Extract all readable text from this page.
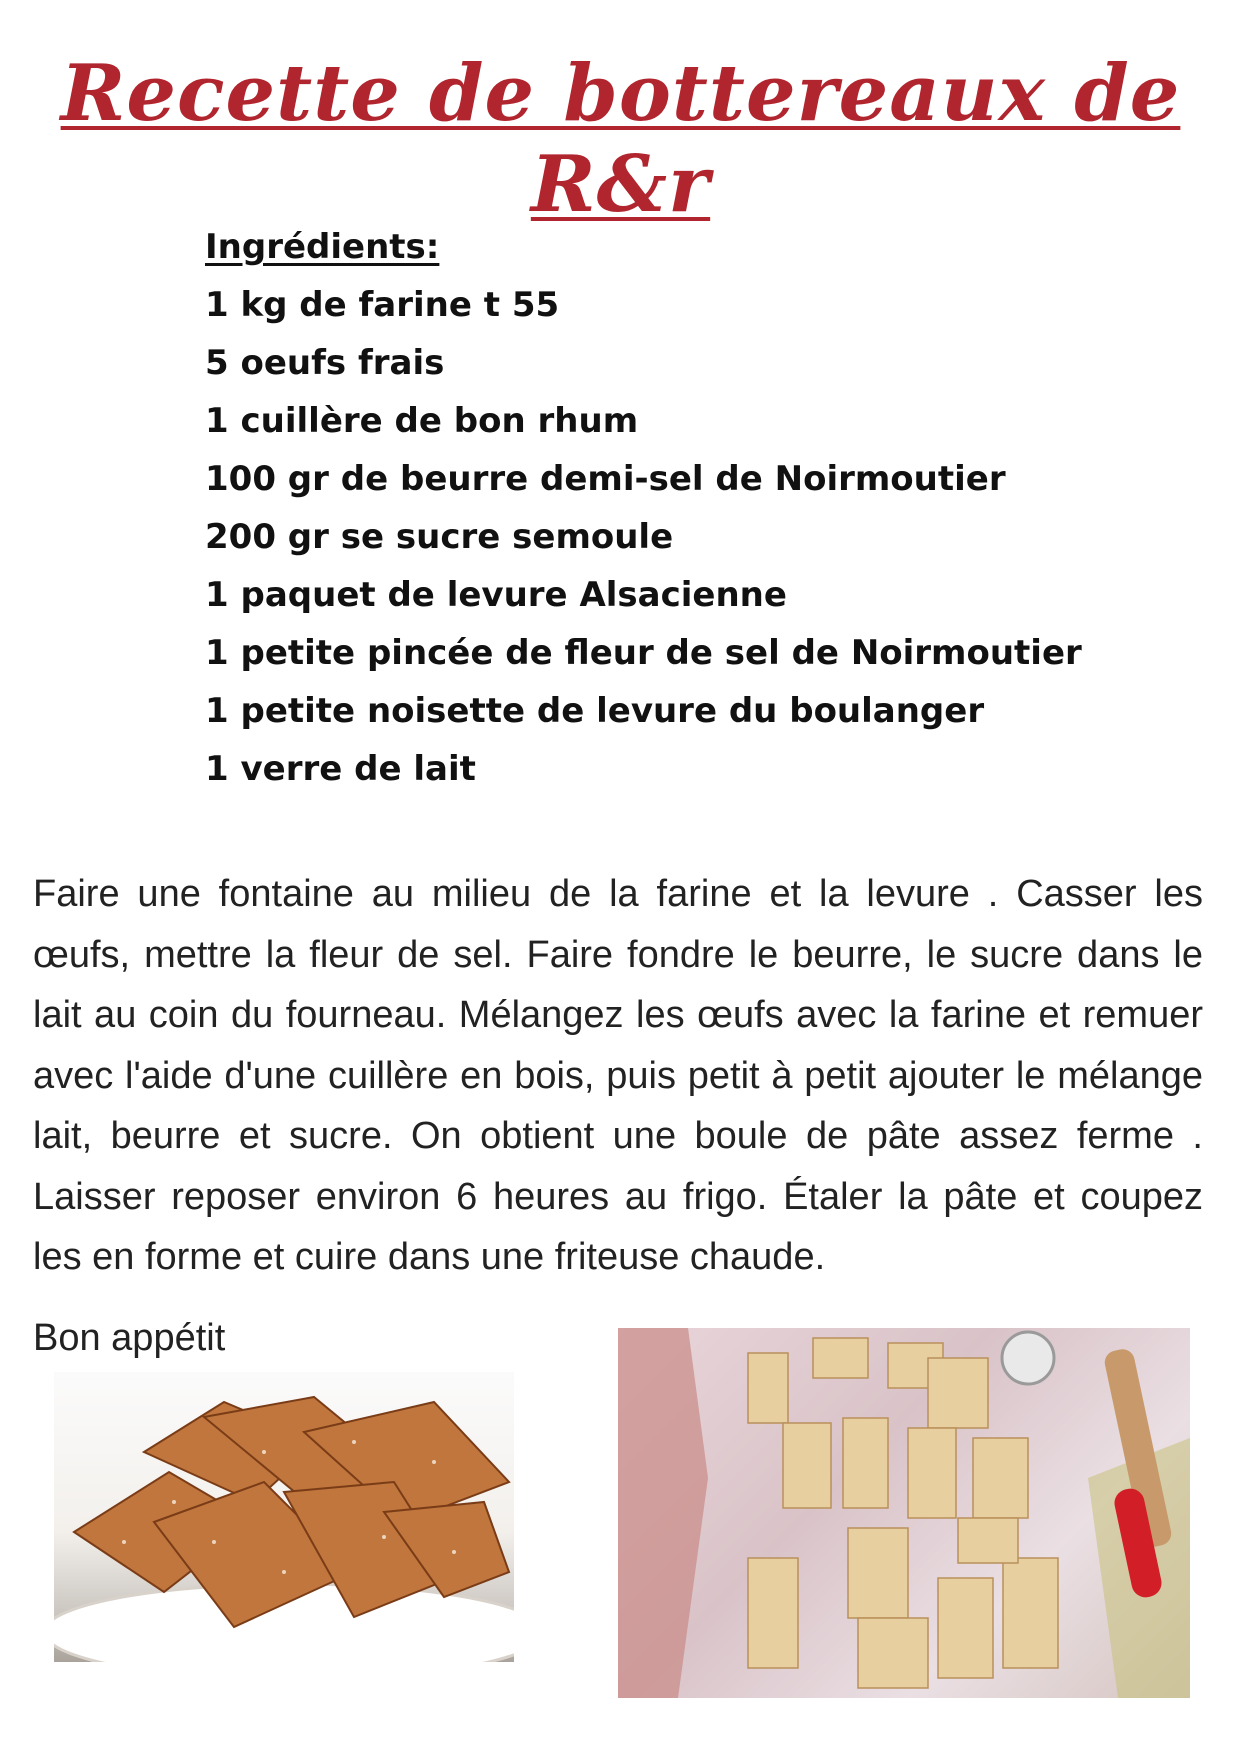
Recette de bottereaux de R&r
Ingrédients:
1 kg de farine t 55
5 oeufs frais
1 cuillère de bon rhum
100 gr de beurre demi-sel de Noirmoutier
200 gr se sucre semoule
1 paquet de levure Alsacienne
1 petite pincée de fleur de sel de Noirmoutier
1 petite noisette de levure du boulanger
1 verre de lait

Faire une fontaine au milieu de la farine et la levure . Casser les œufs, mettre la fleur de sel. Faire fondre le beurre, le sucre dans le lait au coin du fourneau. Mélangez les œufs avec la farine et remuer avec l'aide d'une cuillère en bois, puis petit à petit ajouter le mélange lait, beurre et sucre. On obtient une boule de pâte assez ferme . Laisser reposer environ 6 heures au frigo. Étaler la pâte et coupez les en forme et cuire dans une friteuse chaude.

Bon appétit
